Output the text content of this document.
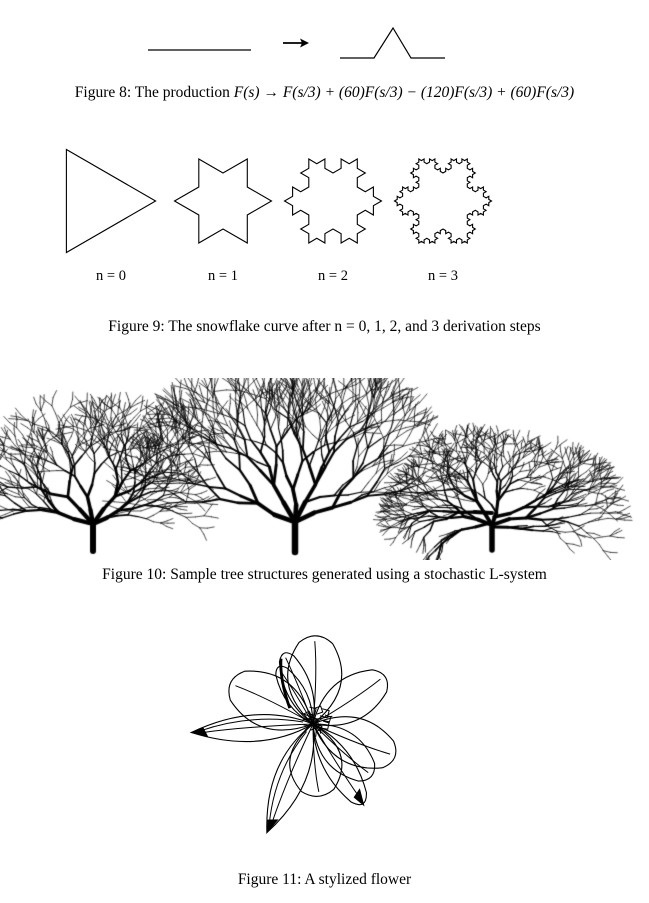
Figure 8: The production F(s) → F(s/3) + (60)F(s/3) − (120)F(s/3) + (60)F(s/3)

n = 0	n = 1	n = 2	n = 3

Figure 9: The snowflake curve after n = 0, 1, 2, and 3 derivation steps

Figure 10: Sample tree structures generated using a stochastic L-system

Figure 11: A stylized flower
